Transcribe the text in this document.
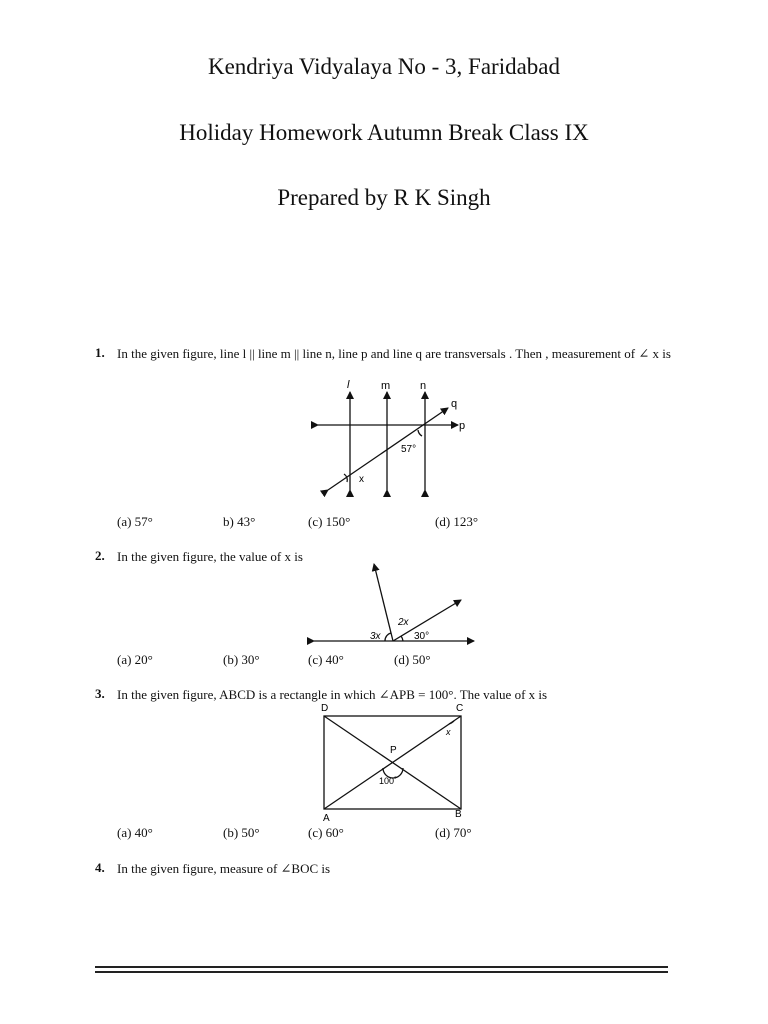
Kendriya Vidyalaya No - 3, Faridabad
Holiday Homework Autumn Break Class IX
Prepared by R K Singh
1. In the given figure, line l || line m || line n, line p and line q are transversals . Then , measurement of ∠ x is
l	m	n
q
p
57°
x
(a) 57°	b) 43°	(c) 150°	(d) 123°
2. In the given figure, the value of x is
2x
3x	30°
(a) 20°	(b) 30°	(c) 40°	(d) 50°
3. In the given figure, ABCD is a rectangle in which ∠APB = 100°. The value of x is
D	C
A	B
P
100˚
x
(a) 40°	(b) 50°	(c) 60°	(d) 70°
4. In the given figure, measure of ∠BOC is
